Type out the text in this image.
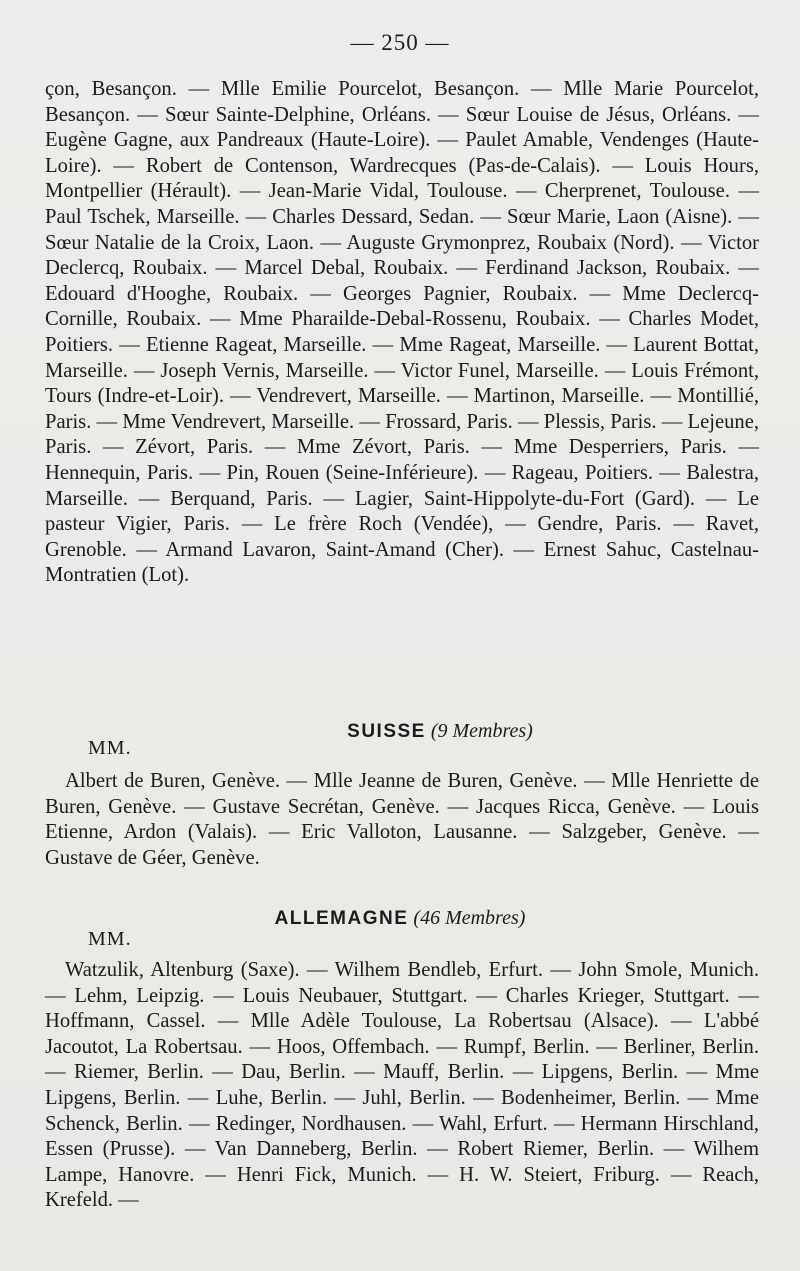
— 250 —

çon, Besançon. — Mlle Emilie Pourcelot, Besançon. — Mlle Marie Pourcelot, Besançon. — Sœur Sainte-Delphine, Orléans. — Sœur Louise de Jésus, Orléans. — Eugène Gagne, aux Pandreaux (Haute-Loire). — Paulet Amable, Vendenges (Haute-Loire). — Robert de Contenson, Wardrecques (Pas-de-Calais). — Louis Hours, Montpellier (Hérault). — Jean-Marie Vidal, Toulouse. — Cherprenet, Toulouse. — Paul Tschek, Marseille. — Charles Dessard, Sedan. — Sœur Marie, Laon (Aisne). — Sœur Natalie de la Croix, Laon. — Auguste Grymonprez, Roubaix (Nord). — Victor Declercq, Roubaix. — Marcel Debal, Roubaix. — Ferdinand Jackson, Roubaix. — Edouard d'Hooghe, Roubaix. — Georges Pagnier, Roubaix. — Mme Declercq-Cornille, Roubaix. — Mme Pharailde-Debal-Rossenu, Roubaix. — Charles Modet, Poitiers. — Etienne Rageat, Marseille. — Mme Rageat, Marseille. — Laurent Bottat, Marseille. — Joseph Vernis, Marseille. — Victor Funel, Marseille. — Louis Frémont, Tours (Indre-et-Loir). — Vendrevert, Marseille. — Martinon, Marseille. — Montillié, Paris. — Mme Vendrevert, Marseille. — Frossard, Paris. — Plessis, Paris. — Lejeune, Paris. — Zévort, Paris. — Mme Zévort, Paris. — Mme Desperriers, Paris. — Hennequin, Paris. — Pin, Rouen (Seine-Inférieure). — Rageau, Poitiers. — Balestra, Marseille. — Berquand, Paris. — Lagier, Saint-Hippolyte-du-Fort (Gard). — Le pasteur Vigier, Paris. — Le frère Roch (Vendée), — Gendre, Paris. — Ravet, Grenoble. — Armand Lavaron, Saint-Amand (Cher). — Ernest Sahuc, Castelnau-Montratien (Lot).

SUISSE (9 Membres)
MM.

Albert de Buren, Genève. — Mlle Jeanne de Buren, Genève. — Mlle Henriette de Buren, Genève. — Gustave Secrétan, Genève. — Jacques Ricca, Genève. — Louis Etienne, Ardon (Valais). — Eric Valloton, Lausanne. — Salzgeber, Genève. — Gustave de Géer, Genève.

ALLEMAGNE (46 Membres)
MM.

Watzulik, Altenburg (Saxe). — Wilhem Bendleb, Erfurt. — John Smole, Munich. — Lehm, Leipzig. — Louis Neubauer, Stuttgart. — Charles Krieger, Stuttgart. — Hoffmann, Cassel. — Mlle Adèle Toulouse, La Robertsau (Alsace). — L'abbé Jacoutot, La Robertsau. — Hoos, Offembach. — Rumpf, Berlin. — Berliner, Berlin. — Riemer, Berlin. — Dau, Berlin. — Mauff, Berlin. — Lipgens, Berlin. — Mme Lipgens, Berlin. — Luhe, Berlin. — Juhl, Berlin. — Bodenheimer, Berlin. — Mme Schenck, Berlin. — Redinger, Nordhausen. — Wahl, Erfurt. — Hermann Hirschland, Essen (Prusse). — Van Danneberg, Berlin. — Robert Riemer, Berlin. — Wilhem Lampe, Hanovre. — Henri Fick, Munich. — H. W. Steiert, Friburg. — Reach, Krefeld. —
